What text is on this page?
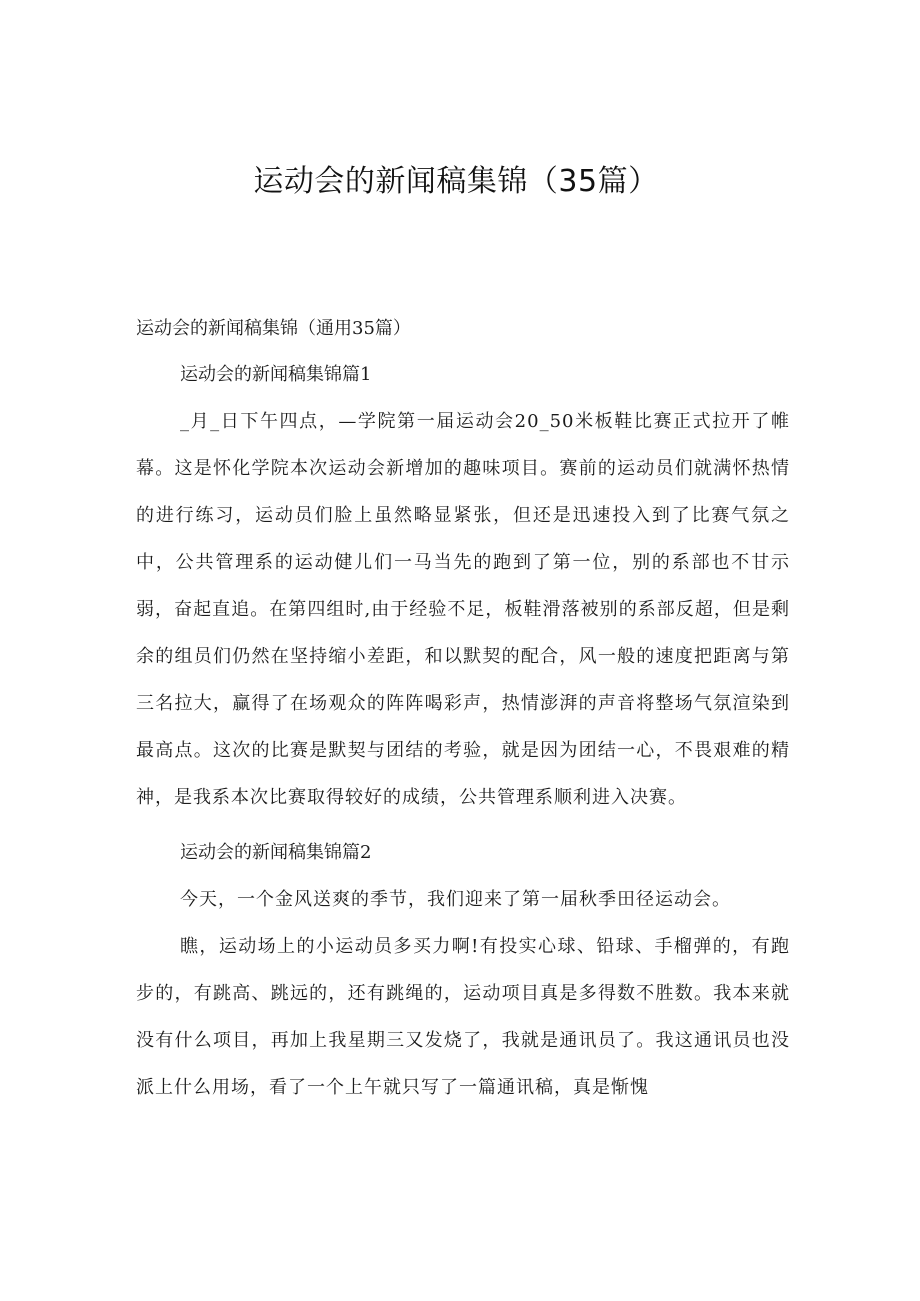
运动会的新闻稿集锦（35篇）

运动会的新闻稿集锦（通用35篇）

运动会的新闻稿集锦篇1

_月_日下午四点，—学院第一届运动会20_50米板鞋比赛正式拉开了帷幕。这是怀化学院本次运动会新增加的趣味项目。赛前的运动员们就满怀热情的进行练习，运动员们脸上虽然略显紧张，但还是迅速投入到了比赛气氛之中，公共管理系的运动健儿们一马当先的跑到了第一位，别的系部也不甘示弱，奋起直追。在第四组时,由于经验不足，板鞋滑落被别的系部反超，但是剩余的组员们仍然在坚持缩小差距，和以默契的配合，风一般的速度把距离与第三名拉大，赢得了在场观众的阵阵喝彩声，热情澎湃的声音将整场气氛渲染到最高点。这次的比赛是默契与团结的考验，就是因为团结一心，不畏艰难的精神，是我系本次比赛取得较好的成绩，公共管理系顺利进入决赛。

运动会的新闻稿集锦篇2

今天，一个金风送爽的季节，我们迎来了第一届秋季田径运动会。

瞧，运动场上的小运动员多买力啊!有投实心球、铅球、手榴弹的，有跑步的，有跳高、跳远的，还有跳绳的，运动项目真是多得数不胜数。我本来就没有什么项目，再加上我星期三又发烧了，我就是通讯员了。我这通讯员也没派上什么用场，看了一个上午就只写了一篇通讯稿，真是惭愧
